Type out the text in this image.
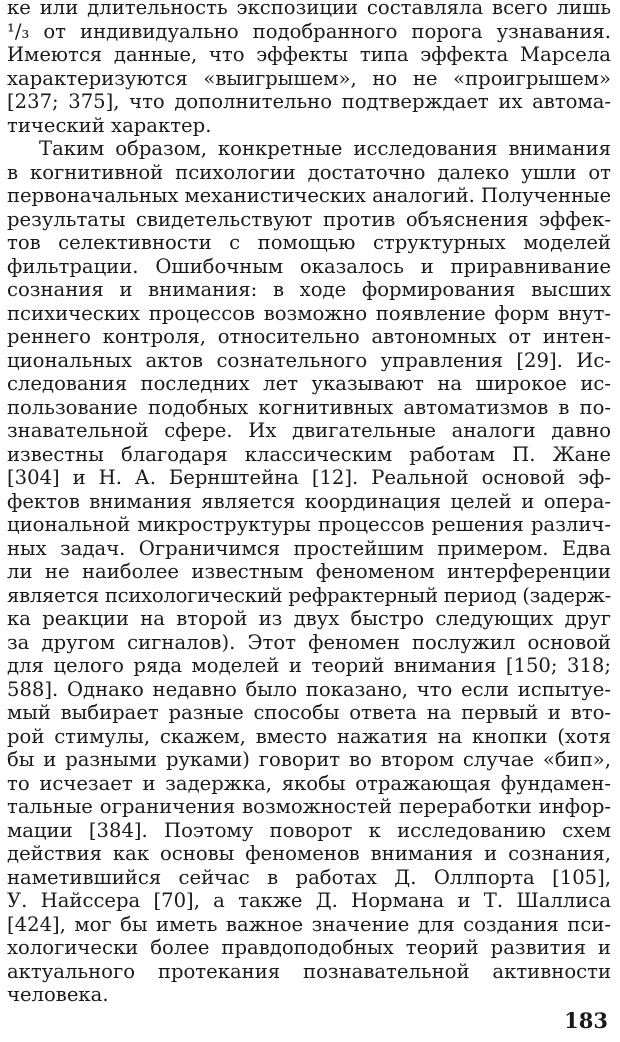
ке или длительность экспозиции составляла всего лишь
¹/₃ от индивидуально подобранного порога узнавания.
Имеются данные, что эффекты типа эффекта Марсела
характеризуются «выигрышем», но не «проигрышем»
[237; 375], что дополнительно подтверждает их автома-
тический характер.
Таким образом, конкретные исследования внимания
в когнитивной психологии достаточно далеко ушли от
первоначальных механистических аналогий. Полученные
результаты свидетельствуют против объяснения эффек-
тов селективности с помощью структурных моделей
фильтрации. Ошибочным оказалось и приравнивание
сознания и внимания: в ходе формирования высших
психических процессов возможно появление форм внут-
реннего контроля, относительно автономных от интен-
циональных актов сознательного управления [29]. Ис-
следования последних лет указывают на широкое ис-
пользование подобных когнитивных автоматизмов в по-
знавательной сфере. Их двигательные аналоги давно
известны благодаря классическим работам П. Жане
[304] и Н. А. Бернштейна [12]. Реальной основой эф-
фектов внимания является координация целей и опера-
циональной микроструктуры процессов решения различ-
ных задач. Ограничимся простейшим примером. Едва
ли не наиболее известным феноменом интерференции
является психологический рефрактерный период (задерж-
ка реакции на второй из двух быстро следующих друг
за другом сигналов). Этот феномен послужил основой
для целого ряда моделей и теорий внимания [150; 318;
588]. Однако недавно было показано, что если испытуе-
мый выбирает разные способы ответа на первый и вто-
рой стимулы, скажем, вместо нажатия на кнопки (хотя
бы и разными руками) говорит во втором случае «бип»,
то исчезает и задержка, якобы отражающая фундамен-
тальные ограничения возможностей переработки инфор-
мации [384]. Поэтому поворот к исследованию схем
действия как основы феноменов внимания и сознания,
наметившийся сейчас в работах Д. Оллпорта [105],
У. Найссера [70], а также Д. Нормана и Т. Шаллиса
[424], мог бы иметь важное значение для создания пси-
хологически более правдоподобных теорий развития и
актуального протекания познавательной активности
человека.
183
